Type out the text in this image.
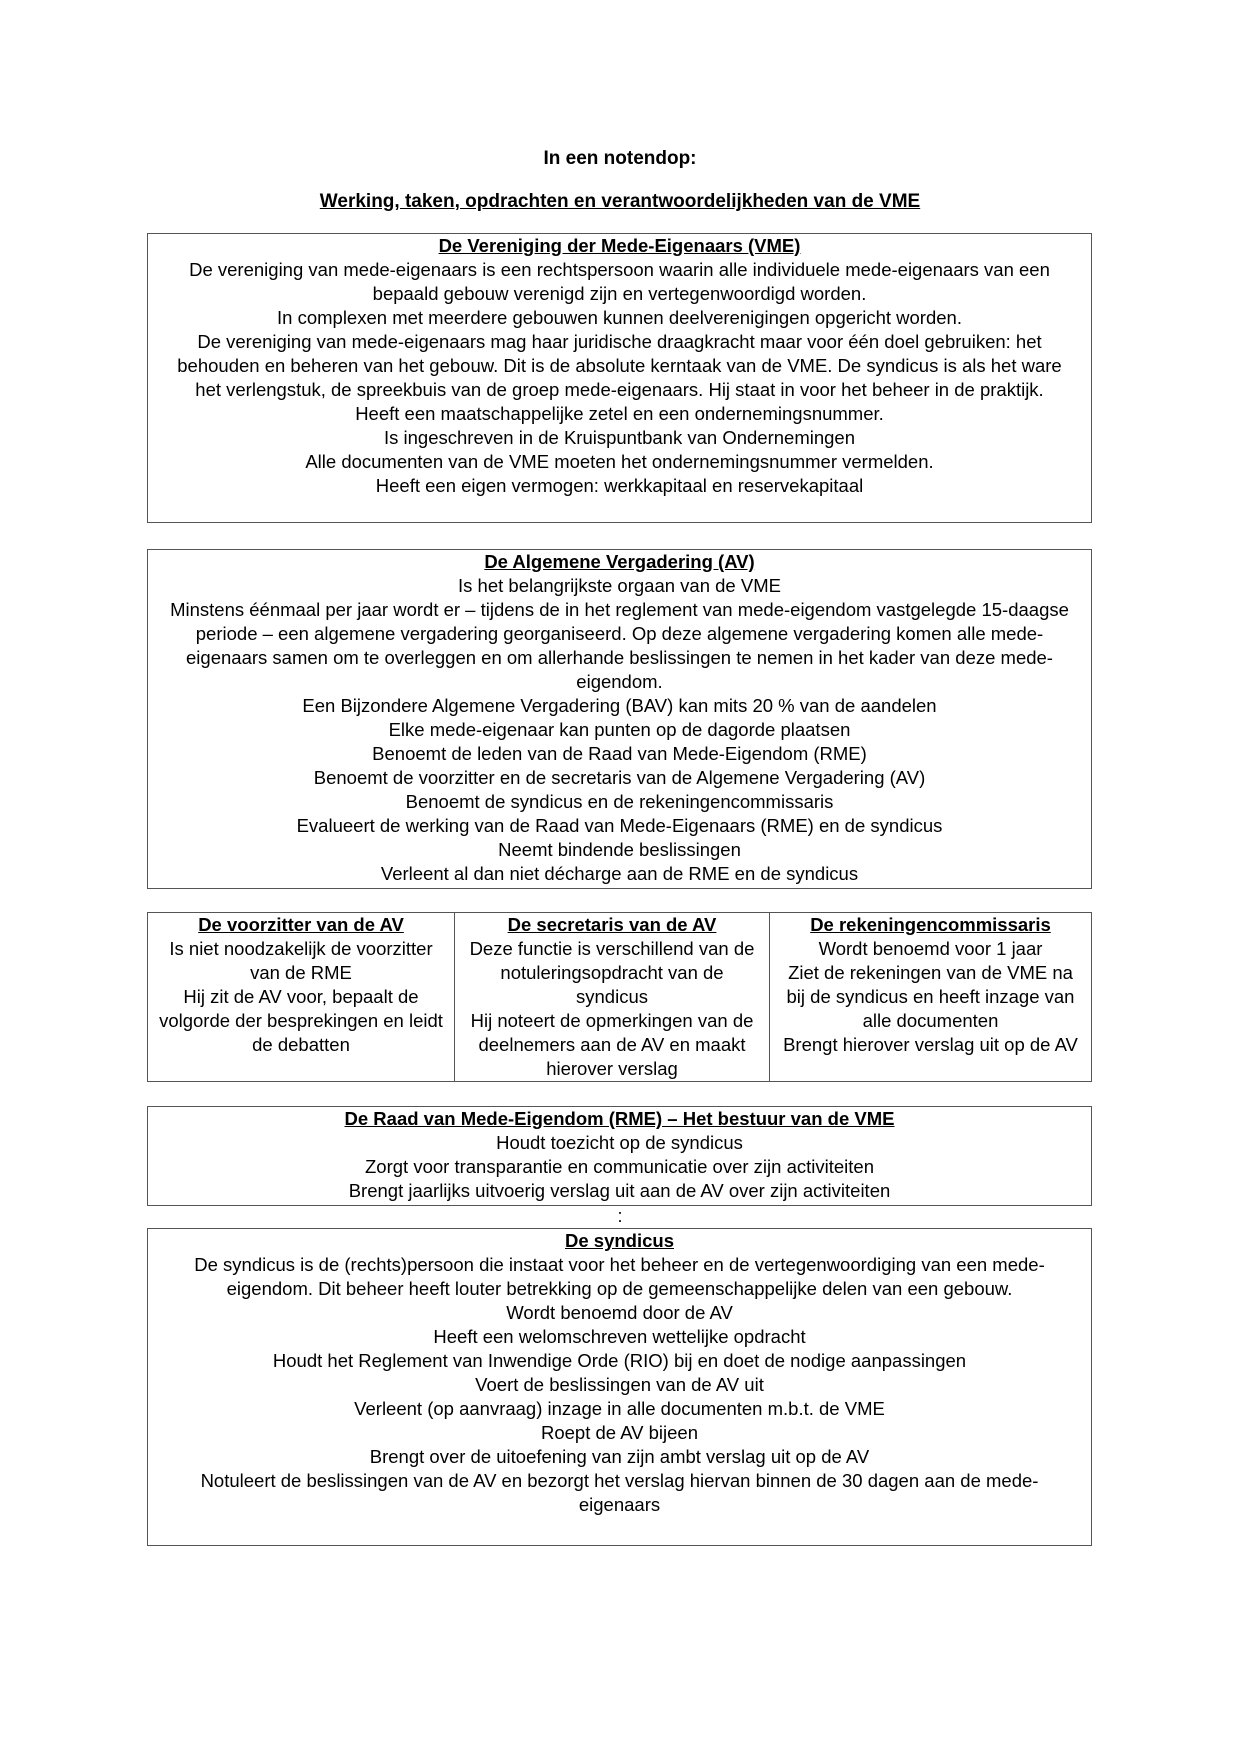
In een notendop:
Werking, taken, opdrachten en verantwoordelijkheden van de VME

De Vereniging der Mede-Eigenaars (VME)

De vereniging van mede-eigenaars is een rechtspersoon waarin alle individuele mede-eigenaars van een bepaald gebouw verenigd zijn en vertegenwoordigd worden.

In complexen met meerdere gebouwen kunnen deelverenigingen opgericht worden.

De vereniging van mede-eigenaars mag haar juridische draagkracht maar voor één doel gebruiken: het behouden en beheren van het gebouw. Dit is de absolute kerntaak van de VME. De syndicus is als het ware het verlengstuk, de spreekbuis van de groep mede-eigenaars. Hij staat in voor het beheer in de praktijk.

Heeft een maatschappelijke zetel en een ondernemingsnummer.

Is ingeschreven in de Kruispuntbank van Ondernemingen

Alle documenten van de VME moeten het ondernemingsnummer vermelden.

Heeft een eigen vermogen: werkkapitaal en reservekapitaal

De Algemene Vergadering (AV)

Is het belangrijkste orgaan van de VME

Minstens éénmaal per jaar wordt er – tijdens de in het reglement van mede-eigendom vastgelegde 15-daagse periode – een algemene vergadering georganiseerd. Op deze algemene vergadering komen alle mede-eigenaars samen om te overleggen en om allerhande beslissingen te nemen in het kader van deze mede-eigendom.

Een Bijzondere Algemene Vergadering (BAV) kan mits 20 % van de aandelen

Elke mede-eigenaar kan punten op de dagorde plaatsen

Benoemt de leden van de Raad van Mede-Eigendom (RME)

Benoemt de voorzitter en de secretaris van de Algemene Vergadering (AV)

Benoemt de syndicus en de rekeningencommissaris

Evalueert de werking van de Raad van Mede-Eigenaars (RME) en de syndicus

Neemt bindende beslissingen

Verleent al dan niet décharge aan de RME en de syndicus

De voorzitter van de AV

Is niet noodzakelijk de voorzitter van de RME

Hij zit de AV voor, bepaalt de volgorde der besprekingen en leidt de debatten

De secretaris van de AV

Deze functie is verschillend van de notuleringsopdracht van de syndicus

Hij noteert de opmerkingen van de deelnemers aan de AV en maakt hierover verslag

De rekeningencommissaris

Wordt benoemd voor 1 jaar

Ziet de rekeningen van de VME na bij de syndicus en heeft inzage van alle documenten

Brengt hierover verslag uit op de AV

De Raad van Mede-Eigendom (RME) – Het bestuur van de VME

Houdt toezicht op de syndicus

Zorgt voor transparantie en communicatie over zijn activiteiten

Brengt jaarlijks uitvoerig verslag uit aan de AV over zijn activiteiten

:

De syndicus

De syndicus is de (rechts)persoon die instaat voor het beheer en de vertegenwoordiging van een mede-eigendom. Dit beheer heeft louter betrekking op de gemeenschappelijke delen van een gebouw.

Wordt benoemd door de AV

Heeft een welomschreven wettelijke opdracht

Houdt het Reglement van Inwendige Orde (RIO) bij en doet de nodige aanpassingen

Voert de beslissingen van de AV uit

Verleent (op aanvraag) inzage in alle documenten m.b.t. de VME

Roept de AV bijeen

Brengt over de uitoefening van zijn ambt verslag uit op de AV

Notuleert de beslissingen van de AV en bezorgt het verslag hiervan binnen de 30 dagen aan de mede-eigenaars
